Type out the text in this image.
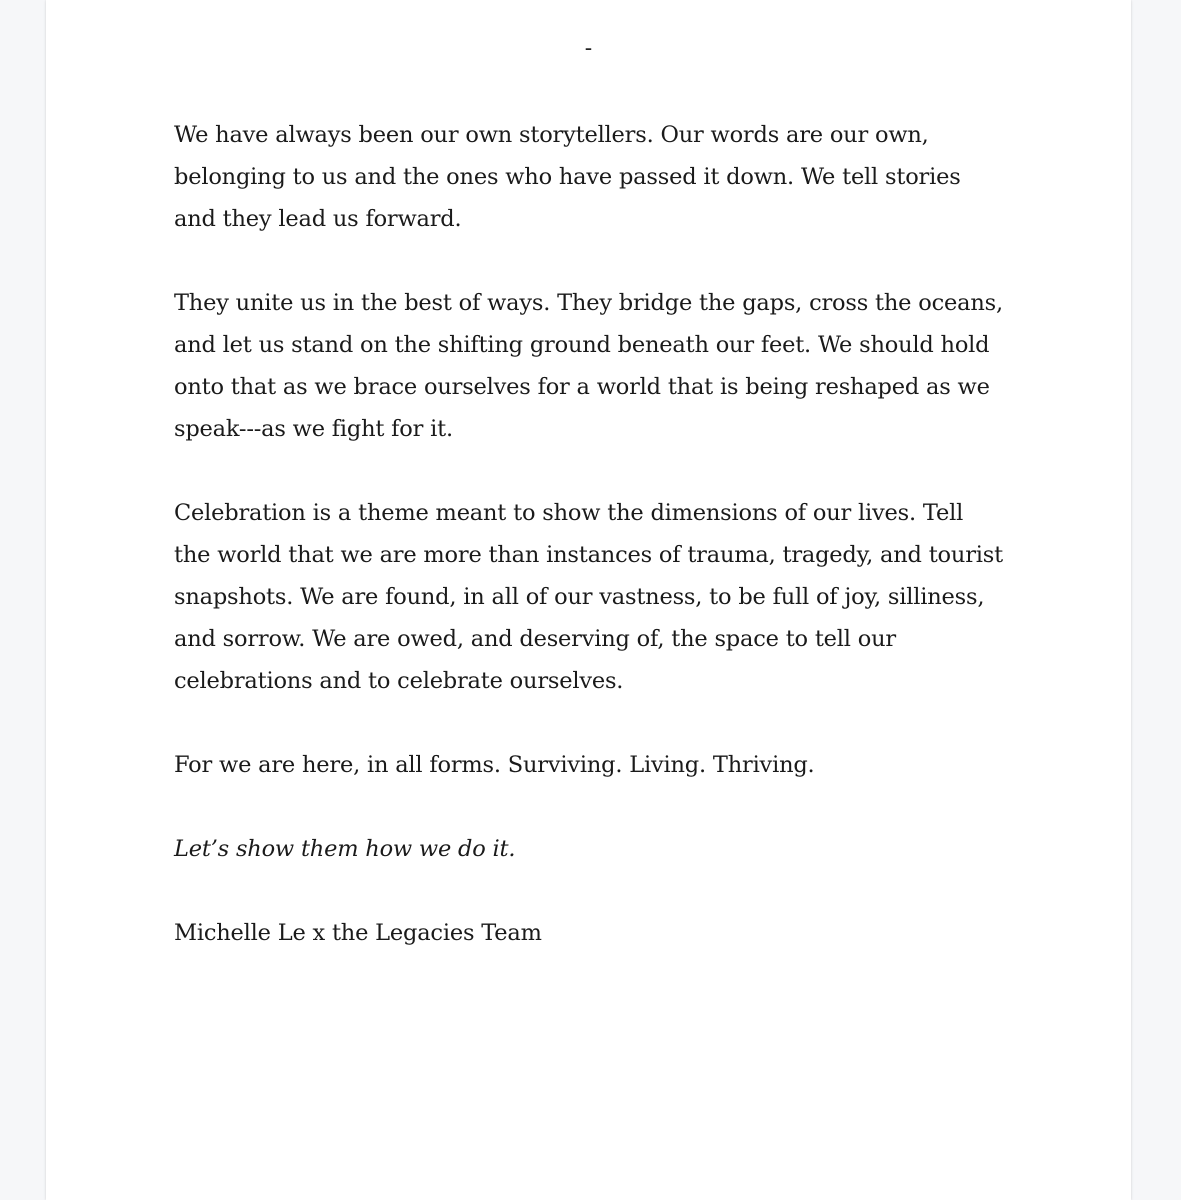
-

We have always been our own storytellers. Our words are our own, belonging to us and the ones who have passed it down. We tell stories and they lead us forward.

They unite us in the best of ways. They bridge the gaps, cross the oceans, and let us stand on the shifting ground beneath our feet. We should hold onto that as we brace ourselves for a world that is being reshaped as we speak---as we fight for it.

Celebration is a theme meant to show the dimensions of our lives. Tell the world that we are more than instances of trauma, tragedy, and tourist snapshots. We are found, in all of our vastness, to be full of joy, silliness, and sorrow. We are owed, and deserving of, the space to tell our celebrations and to celebrate ourselves.

For we are here, in all forms. Surviving. Living. Thriving.

Let’s show them how we do it.

Michelle Le x the Legacies Team
